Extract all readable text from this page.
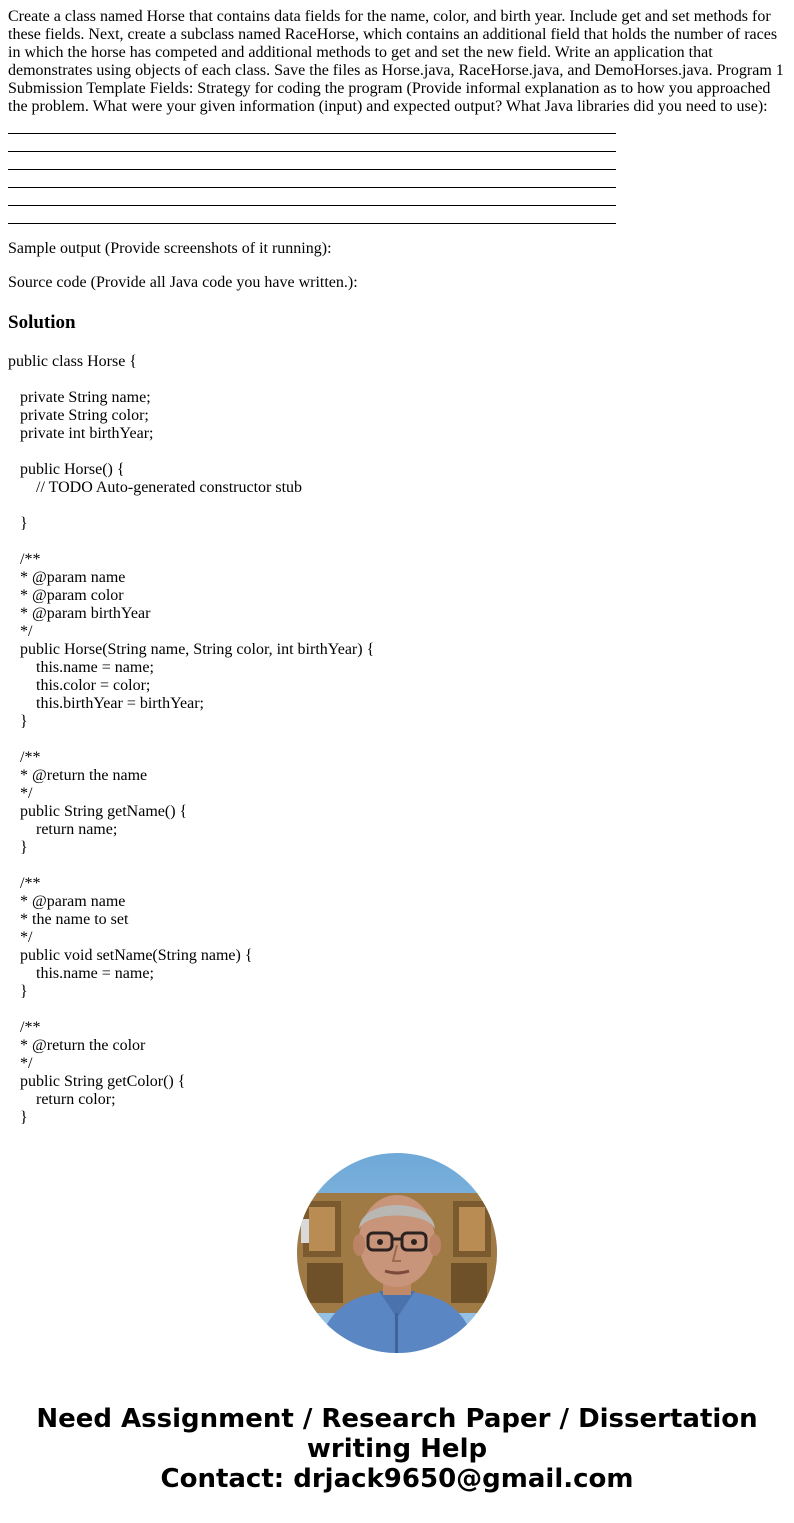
Create a class named Horse that contains data fields for the name, color, and birth year. Include get and set methods for these fields. Next, create a subclass named RaceHorse, which contains an additional field that holds the number of races in which the horse has competed and additional methods to get and set the new field. Write an application that demonstrates using objects of each class. Save the files as Horse.java, RaceHorse.java, and DemoHorses.java. Program 1 Submission Template Fields: Strategy for coding the program (Provide informal explanation as to how you approached the problem. What were your given information (input) and expected output? What Java libraries did you need to use):

Sample output (Provide screenshots of it running):

Source code (Provide all Java code you have written.):

Solution
public class Horse {
private String name;
private String color;
private int birthYear;
public Horse() {
// TODO Auto-generated constructor stub
}
/**
* @param name
* @param color
* @param birthYear
*/
public Horse(String name, String color, int birthYear) {
this.name = name;
this.color = color;
this.birthYear = birthYear;
}
/**
* @return the name
*/
public String getName() {
return name;
}
/**
* @param name
* the name to set
*/
public void setName(String name) {
this.name = name;
}
/**
* @return the color
*/
public String getColor() {
return color;
}
Need Assignment / Research Paper / Dissertation
writing Help
Contact: drjack9650@gmail.com
